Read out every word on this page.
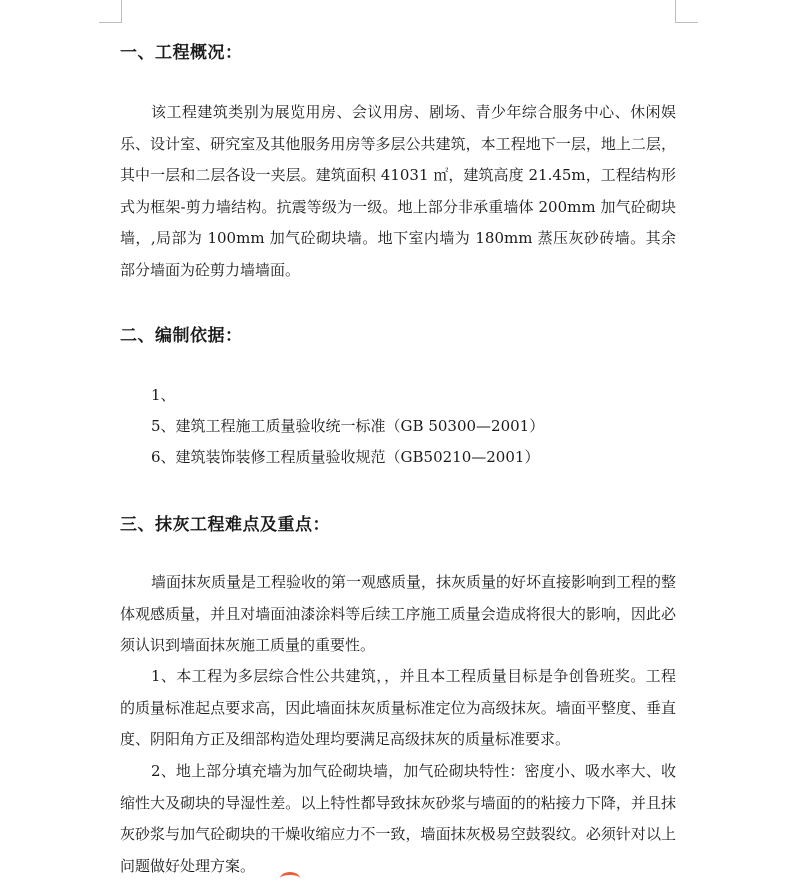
一、工程概况：

该工程建筑类别为展览用房、会议用房、剧场、青少年综合服务中心、休闲娱乐、设计室、研究室及其他服务用房等多层公共建筑，本工程地下一层，地上二层，其中一层和二层各设一夹层。建筑面积 41031 ㎡，建筑高度 21.45m，工程结构形式为框架-剪力墙结构。抗震等级为一级。地上部分非承重墙体 200mm 加气砼砌块墙，,局部为 100mm 加气砼砌块墙。地下室内墙为 180mm 蒸压灰砂砖墙。其余部分墙面为砼剪力墙墙面。

二、编制依据：
1、
5、建筑工程施工质量验收统一标准（GB 50300—2001）
6、建筑装饰装修工程质量验收规范（GB50210—2001）
三、抹灰工程难点及重点：

墙面抹灰质量是工程验收的第一观感质量，抹灰质量的好坏直接影响到工程的整体观感质量，并且对墙面油漆涂料等后续工序施工质量会造成将很大的影响，因此必须认识到墙面抹灰施工质量的重要性。

1、本工程为多层综合性公共建筑，，并且本工程质量目标是争创鲁班奖。工程的质量标准起点要求高，因此墙面抹灰质量标准定位为高级抹灰。墙面平整度、垂直度、阴阳角方正及细部构造处理均要满足高级抹灰的质量标准要求。

2、地上部分填充墙为加气砼砌块墙，加气砼砌块特性：密度小、吸水率大、收缩性大及砌块的导湿性差。以上特性都导致抹灰砂浆与墙面的的粘接力下降，并且抹灰砂浆与加气砼砌块的干燥收缩应力不一致，墙面抹灰极易空鼓裂纹。必须针对以上问题做好处理方案。
